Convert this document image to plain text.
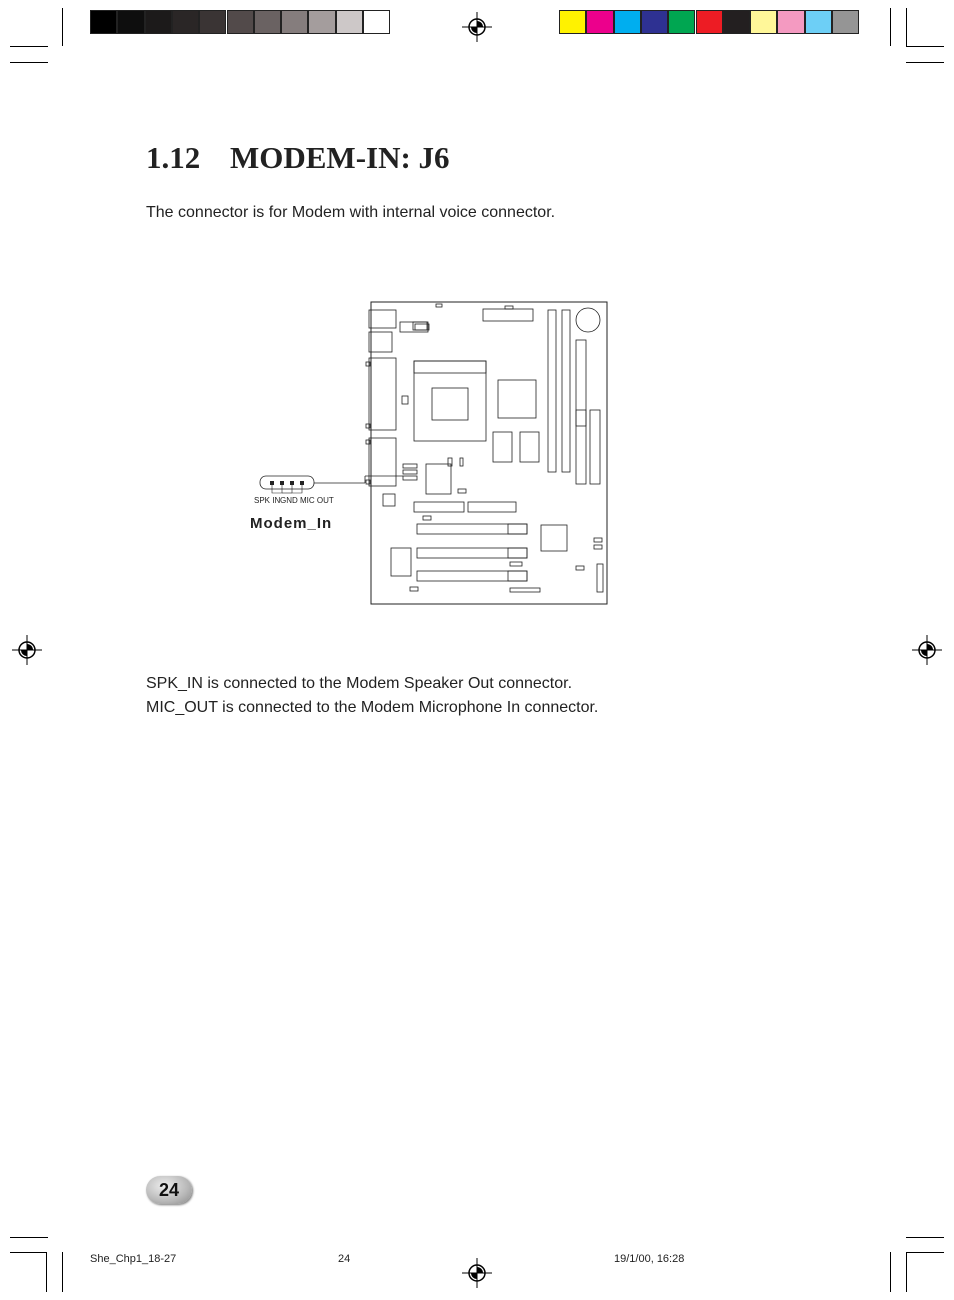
1.12 MODEM-IN: J6
The connector is for Modem with internal voice connector.
SPK IN GND MIC OUT
Modem_In
SPK_IN is connected to the Modem Speaker Out connector.
MIC_OUT is connected to the Modem Microphone In connector.
24
She_Chp1_18-27	24	19/1/00, 16:28
